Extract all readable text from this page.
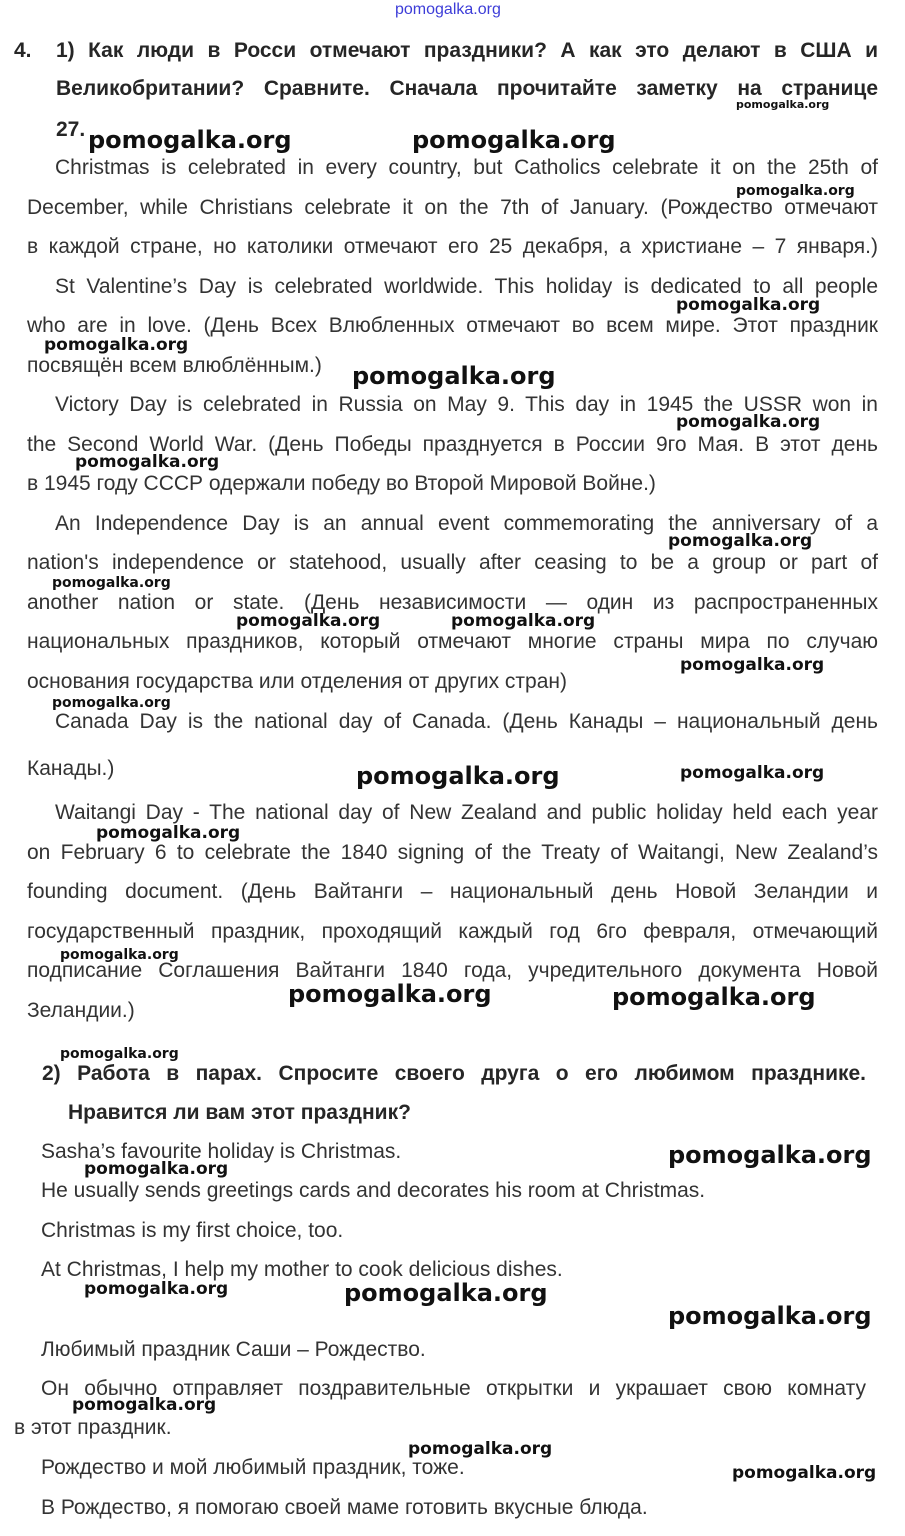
pomogalka.org
4. 1) Как люди в Росси отмечают праздники? А как это делают в США и
Великобритании? Сравните. Сначала прочитайте заметку на странице
27.
Christmas is celebrated in every country, but Catholics celebrate it on the 25th of
December, while Christians celebrate it on the 7th of January. (Рождество отмечают
в каждой стране, но католики отмечают его 25 декабря, а христиане – 7 января.)
St Valentine’s Day is celebrated worldwide. This holiday is dedicated to all people
who are in love. (День Всех Влюбленных отмечают во всем мире. Этот праздник
посвящён всем влюблённым.)
Victory Day is celebrated in Russia on May 9. This day in 1945 the USSR won in
the Second World War. (День Победы празднуется в России 9го Мая. В этот день
в 1945 году СССР одержали победу во Второй Мировой Войне.)
An Independence Day is an annual event commemorating the anniversary of a
nation's independence or statehood, usually after ceasing to be a group or part of
another nation or state. (День независимости — один из распространенных
национальных праздников, который отмечают многие страны мира по случаю
основания государства или отделения от других стран)
Canada Day is the national day of Canada. (День Канады – национальный день
Канады.)
Waitangi Day - The national day of New Zealand and public holiday held each year
on February 6 to celebrate the 1840 signing of the Treaty of Waitangi, New Zealand’s
founding document. (День Вайтанги – национальный день Новой Зеландии и
государственный праздник, проходящий каждый год 6го февраля, отмечающий
подписание Соглашения Вайтанги 1840 года, учредительного документа Новой
Зеландии.)
2) Работа в парах. Спросите своего друга о его любимом празднике.
Нравится ли вам этот праздник?
Sasha’s favourite holiday is Christmas.
He usually sends greetings cards and decorates his room at Christmas.
Christmas is my first choice, too.
At Christmas, I help my mother to cook delicious dishes.
Любимый праздник Саши – Рождество.
Он обычно отправляет поздравительные открытки и украшает свою комнату
в этот праздник.
Рождество и мой любимый праздник, тоже.
В Рождество, я помогаю своей маме готовить вкусные блюда.
pomogalka.org	pomogalka.org
pomogalka.org
pomogalka.org
pomogalka.org
pomogalka.org
pomogalka.org
pomogalka.org
pomogalka.org
pomogalka.org
pomogalka.org
pomogalka.org	pomogalka.org
pomogalka.org
pomogalka.org
pomogalka.org	pomogalka.org
pomogalka.org
pomogalka.org
pomogalka.org	pomogalka.org
pomogalka.org
pomogalka.org
pomogalka.org
pomogalka.org	pomogalka.org
pomogalka.org
pomogalka.org
pomogalka.org
pomogalka.org
